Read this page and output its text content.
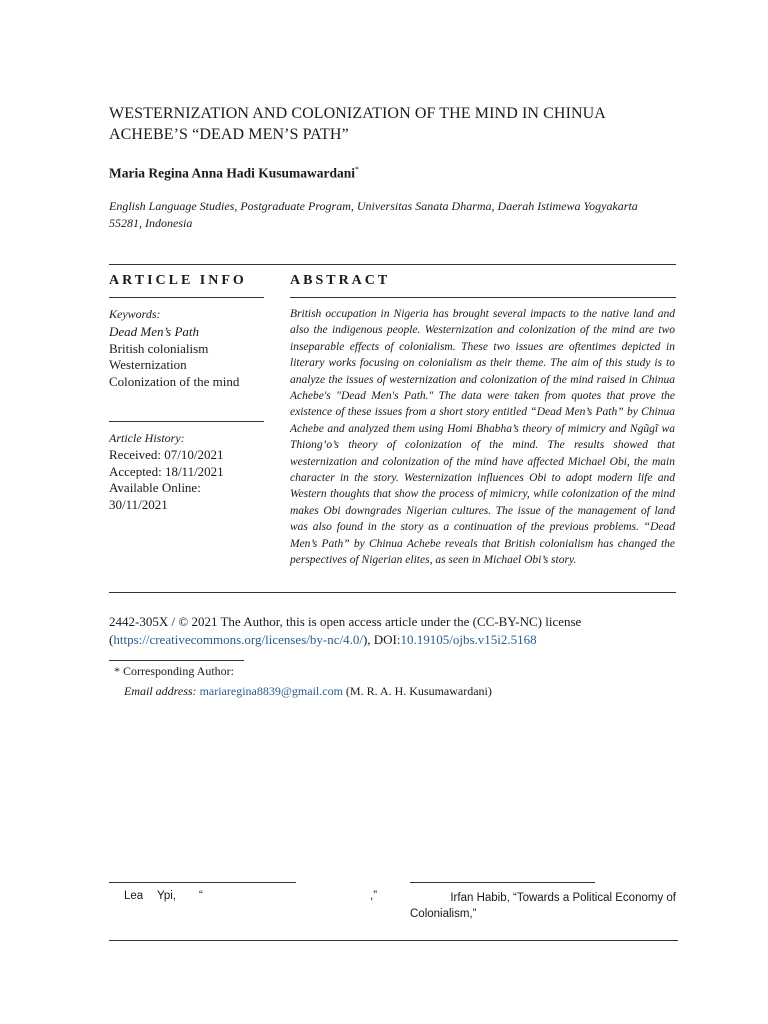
WESTERNIZATION AND COLONIZATION OF THE MIND IN CHINUA
ACHEBE’S “DEAD MEN’S PATH”
Maria Regina Anna Hadi Kusumawardani*
English Language Studies, Postgraduate Program, Universitas Sanata Dharma, Daerah Istimewa Yogyakarta
55281, Indonesia
ARTICLE INFO	ABSTRACT
Keywords:
Dead Men’s Path
British colonialism
Westernization
Colonization of the mind
Article History:
Received: 07/10/2021
Accepted: 18/11/2021
Available Online:
30/11/2021
British occupation in Nigeria has brought several impacts to the native land and also the indigenous people. Westernization and colonization of the mind are two inseparable effects of colonialism. These two issues are oftentimes depicted in literary works focusing on colonialism as their theme. The aim of this study is to analyze the issues of westernization and colonization of the mind raised in Chinua Achebe's "Dead Men's Path." The data were taken from quotes that prove the existence of these issues from a short story entitled “Dead Men’s Path” by Chinua Achebe and analyzed them using Homi Bhabha’s theory of mimicry and Ngũgĩ wa Thiong’o’s theory of colonization of the mind. The results showed that westernization and colonization of the mind have affected Michael Obi, the main character in the story. Westernization influences Obi to adopt modern life and Western thoughts that show the process of mimicry, while colonization of the mind makes Obi downgrades Nigerian cultures. The issue of the management of land was also found in the story as a continuation of the previous problems. “Dead Men’s Path” by Chinua Achebe reveals that British colonialism has changed the perspectives of Nigerian elites, as seen in Michael Obi’s story.
2442-305X / © 2021 The Author, this is open access article under the (CC-BY-NC) license
(https://creativecommons.org/licenses/by-nc/4.0/), DOI:10.19105/ojbs.v15i2.5168
* Corresponding Author:
Email address: mariaregina8839@gmail.com (M. R. A. H. Kusumawardani)
Lea Ypi, “	,”	Irfan Habib, “Towards a Political Economy of
Colonialism,”
